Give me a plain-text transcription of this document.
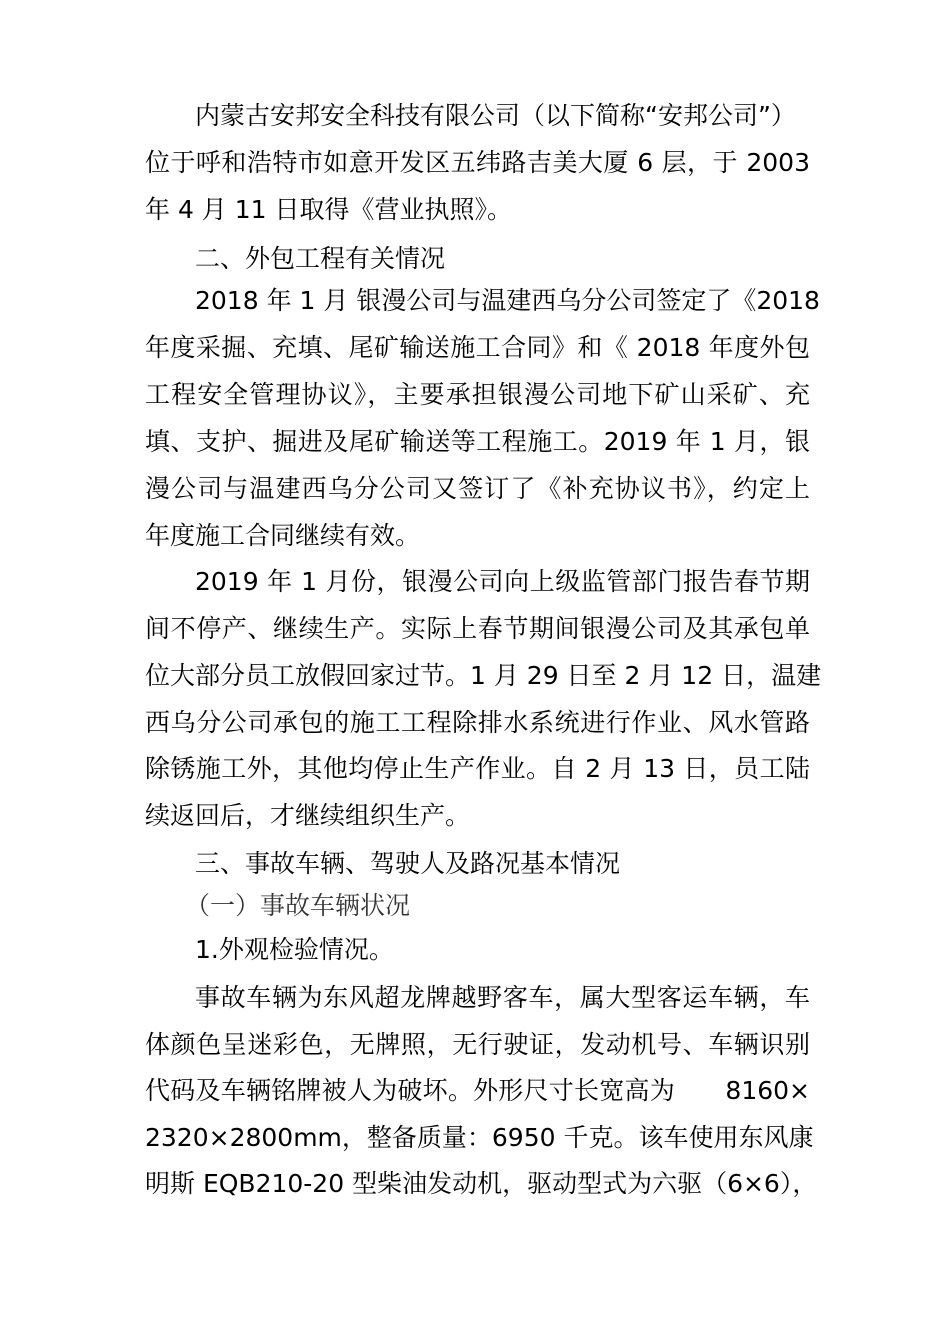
内蒙古安邦安全科技有限公司（以下简称“安邦公司”）
位于呼和浩特市如意开发区五纬路吉美大厦 6 层，于 2003
年 4 月 11 日取得《营业执照》。
二、外包工程有关情况
2018 年 1 月 银漫公司与温建西乌分公司签定了《2018
年度采掘、充填、尾矿输送施工合同》和《 2018 年度外包
工程安全管理协议》，主要承担银漫公司地下矿山采矿、充
填、支护、掘进及尾矿输送等工程施工。2019 年 1 月，银
漫公司与温建西乌分公司又签订了《补充协议书》，约定上
年度施工合同继续有效。
2019 年 1 月份，银漫公司向上级监管部门报告春节期
间不停产、继续生产。实际上春节期间银漫公司及其承包单
位大部分员工放假回家过节。1 月 29 日至 2 月 12 日，温建
西乌分公司承包的施工工程除排水系统进行作业、风水管路
除锈施工外，其他均停止生产作业。自 2 月 13 日，员工陆
续返回后，才继续组织生产。
三、事故车辆、驾驶人及路况基本情况
（一）事故车辆状况
1.外观检验情况。
事故车辆为东风超龙牌越野客车，属大型客运车辆，车
体颜色呈迷彩色，无牌照，无行驶证，发动机号、车辆识别
代码及车辆铭牌被人为破坏。外形尺寸长宽高为　　8160×
2320×2800mm，整备质量：6950 千克。该车使用东风康
明斯 EQB210-20 型柴油发动机，驱动型式为六驱（6×6），
